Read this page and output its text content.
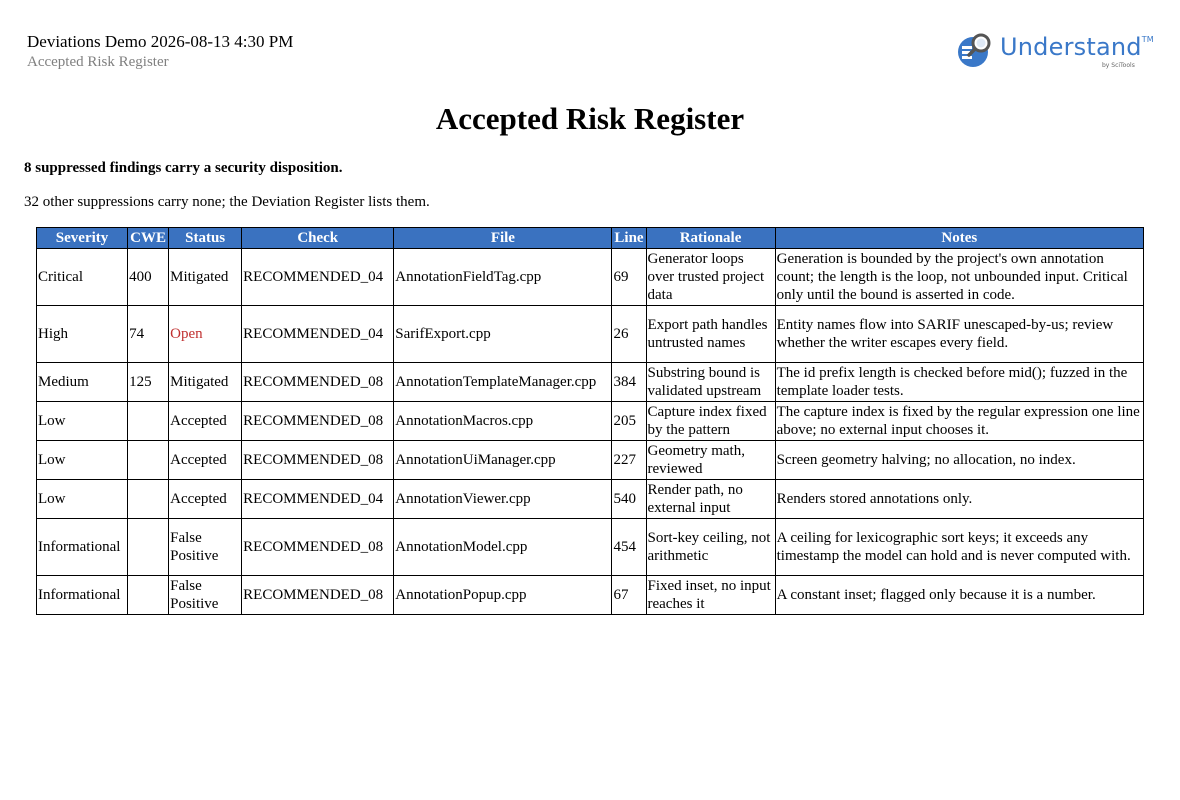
Deviations Demo 2026-08-13 4:30 PM
Accepted Risk Register
Understand™
by SciTools
Accepted Risk Register
8 suppressed findings carry a security disposition.
32 other suppressions carry none; the Deviation Register lists them.
Severity	CWE	Status	Check	File	Line	Rationale	Notes
Critical	400	Mitigated	RECOMMENDED_04	AnnotationFieldTag.cpp	69	Generator loops over trusted project data	Generation is bounded by the project's own annotation count; the length is the loop, not unbounded input. Critical only until the bound is asserted in code.
High	74	Open	RECOMMENDED_04	SarifExport.cpp	26	Export path handles untrusted names	Entity names flow into SARIF unescaped-by-us; review whether the writer escapes every field.
Medium	125	Mitigated	RECOMMENDED_08	AnnotationTemplateManager.cpp	384	Substring bound is validated upstream	The id prefix length is checked before mid(); fuzzed in the template loader tests.
Low		Accepted	RECOMMENDED_08	AnnotationMacros.cpp	205	Capture index fixed by the pattern	The capture index is fixed by the regular expression one line above; no external input chooses it.
Low		Accepted	RECOMMENDED_08	AnnotationUiManager.cpp	227	Geometry math, reviewed	Screen geometry halving; no allocation, no index.
Low		Accepted	RECOMMENDED_04	AnnotationViewer.cpp	540	Render path, no external input	Renders stored annotations only.
Informational		False Positive	RECOMMENDED_08	AnnotationModel.cpp	454	Sort-key ceiling, not arithmetic	A ceiling for lexicographic sort keys; it exceeds any timestamp the model can hold and is never computed with.
Informational		False Positive	RECOMMENDED_08	AnnotationPopup.cpp	67	Fixed inset, no input reaches it	A constant inset; flagged only because it is a number.
